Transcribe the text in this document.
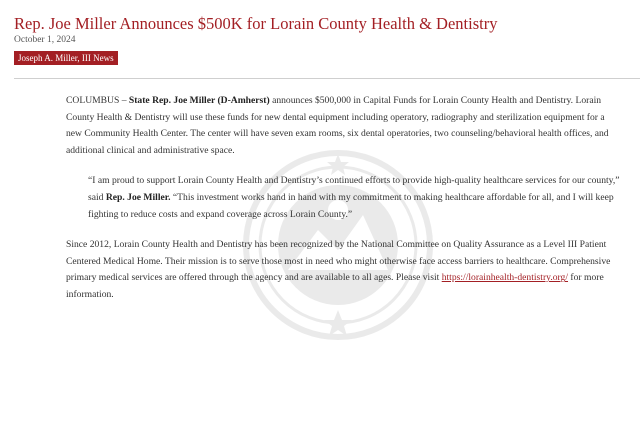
Rep. Joe Miller Announces $500K for Lorain County Health & Dentistry
October 1, 2024
Joseph A. Miller, III News

COLUMBUS – State Rep. Joe Miller (D-Amherst) announces $500,000 in Capital Funds for Lorain County Health and Dentistry. Lorain County Health & Dentistry will use these funds for new dental equipment including operatory, radiography and sterilization equipment for a new Community Health Center. The center will have seven exam rooms, six dental operatories, two counseling/behavioral health offices, and additional clinical and administrative space.

“I am proud to support Lorain County Health and Dentistry’s continued efforts to provide high-quality healthcare services for our county,” said Rep. Joe Miller. “This investment works hand in hand with my commitment to making healthcare affordable for all, and I will keep fighting to reduce costs and expand coverage across Lorain County.”

Since 2012, Lorain County Health and Dentistry has been recognized by the National Committee on Quality Assurance as a Level III Patient Centered Medical Home. Their mission is to serve those most in need who might otherwise face access barriers to healthcare. Comprehensive primary medical services are offered through the agency and are available to all ages. Please visit https://lorainhealth-dentistry.org/ for more information.
